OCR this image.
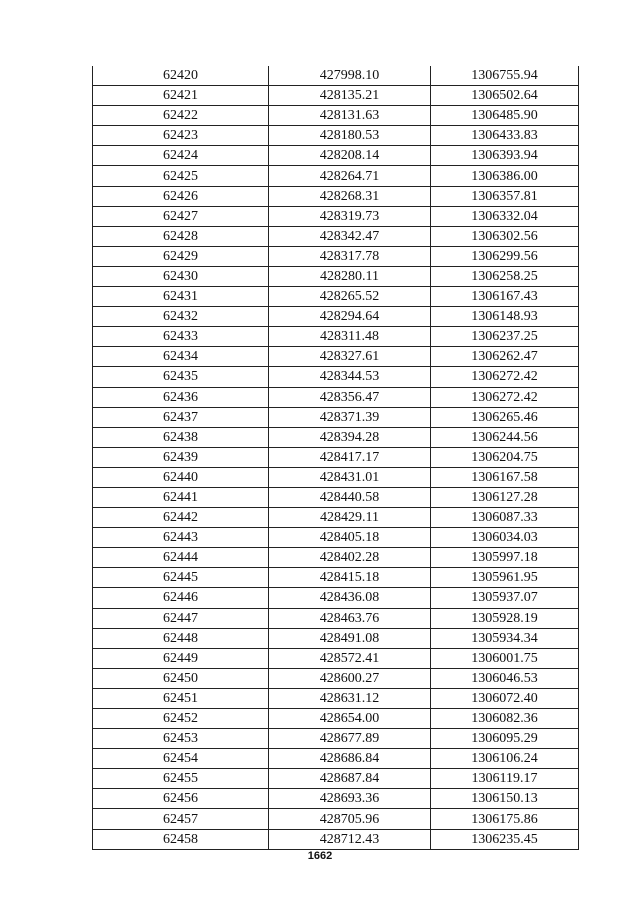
62420	427998.10	1306755.94
62421	428135.21	1306502.64
62422	428131.63	1306485.90
62423	428180.53	1306433.83
62424	428208.14	1306393.94
62425	428264.71	1306386.00
62426	428268.31	1306357.81
62427	428319.73	1306332.04
62428	428342.47	1306302.56
62429	428317.78	1306299.56
62430	428280.11	1306258.25
62431	428265.52	1306167.43
62432	428294.64	1306148.93
62433	428311.48	1306237.25
62434	428327.61	1306262.47
62435	428344.53	1306272.42
62436	428356.47	1306272.42
62437	428371.39	1306265.46
62438	428394.28	1306244.56
62439	428417.17	1306204.75
62440	428431.01	1306167.58
62441	428440.58	1306127.28
62442	428429.11	1306087.33
62443	428405.18	1306034.03
62444	428402.28	1305997.18
62445	428415.18	1305961.95
62446	428436.08	1305937.07
62447	428463.76	1305928.19
62448	428491.08	1305934.34
62449	428572.41	1306001.75
62450	428600.27	1306046.53
62451	428631.12	1306072.40
62452	428654.00	1306082.36
62453	428677.89	1306095.29
62454	428686.84	1306106.24
62455	428687.84	1306119.17
62456	428693.36	1306150.13
62457	428705.96	1306175.86
62458	428712.43	1306235.45
1662
